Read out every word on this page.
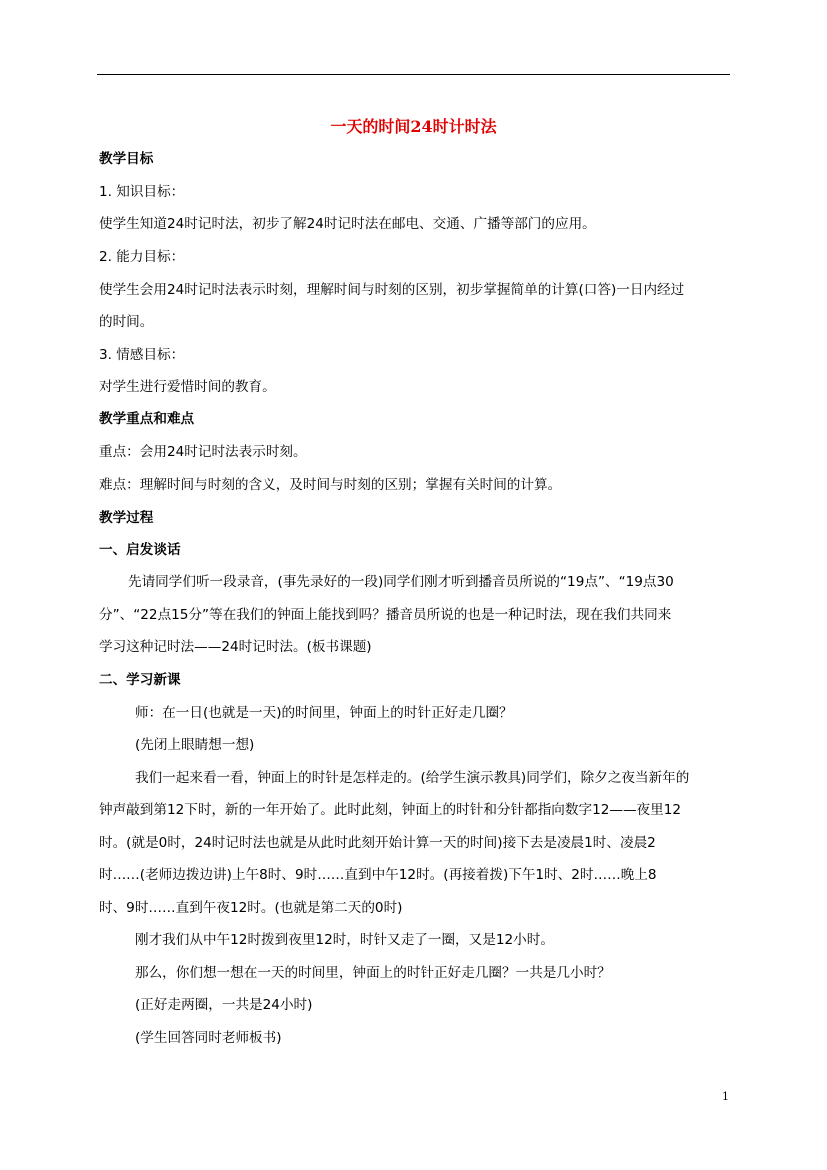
一天的时间24时计时法
教学目标
1. 知识目标：
使学生知道24时记时法，初步了解24时记时法在邮电、交通、广播等部门的应用。
2. 能力目标：
使学生会用24时记时法表示时刻，理解时间与时刻的区别，初步掌握简单的计算(口答)一日内经过
的时间。
3. 情感目标：
对学生进行爱惜时间的教育。
教学重点和难点
重点：会用24时记时法表示时刻。
难点：理解时间与时刻的含义，及时间与时刻的区别；掌握有关时间的计算。
教学过程
一、启发谈话
先请同学们听一段录音，(事先录好的一段)同学们刚才听到播音员所说的“19点”、“19点30
分”、“22点15分”等在我们的钟面上能找到吗？播音员所说的也是一种记时法，现在我们共同来
学习这种记时法——24时记时法。(板书课题)
二、学习新课
师：在一日(也就是一天)的时间里，钟面上的时针正好走几圈？
(先闭上眼睛想一想)
我们一起来看一看，钟面上的时针是怎样走的。(给学生演示教具)同学们，除夕之夜当新年的
钟声敲到第12下时，新的一年开始了。此时此刻，钟面上的时针和分针都指向数字12——夜里12
时。(就是0时，24时记时法也就是从此时此刻开始计算一天的时间)接下去是凌晨1时、凌晨2
时……(老师边拨边讲)上午8时、9时……直到中午12时。(再接着拨)下午1时、2时……晚上8
时、9时……直到午夜12时。(也就是第二天的0时)
刚才我们从中午12时拨到夜里12时，时针又走了一圈，又是12小时。
那么，你们想一想在一天的时间里，钟面上的时针正好走几圈？一共是几小时？
(正好走两圈，一共是24小时)
(学生回答同时老师板书)
1
